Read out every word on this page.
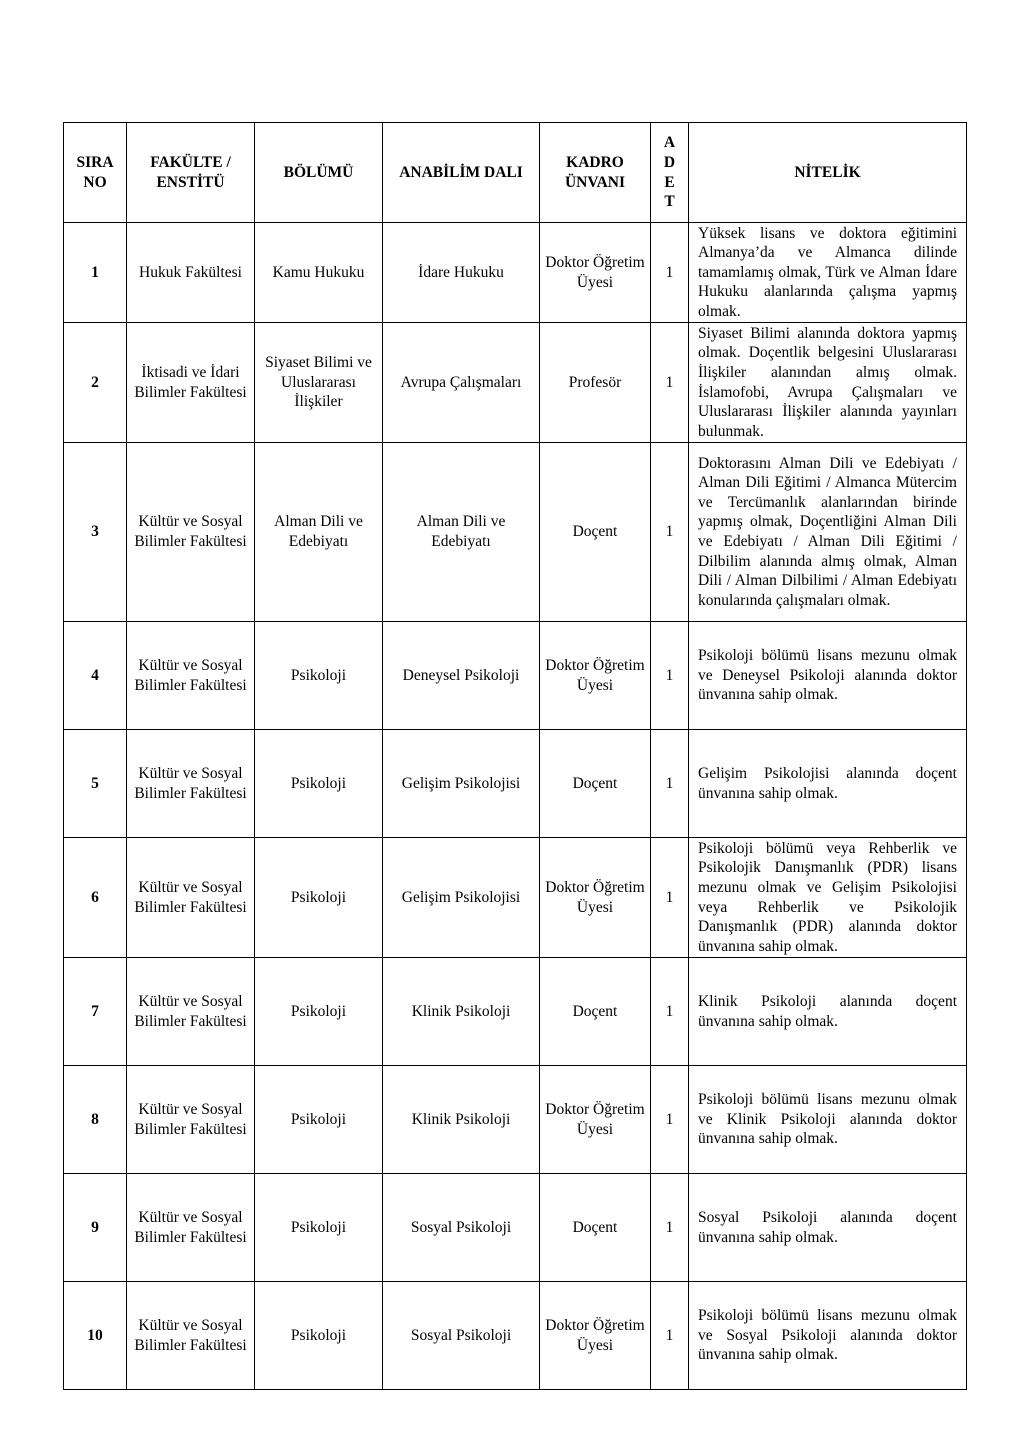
SIRA NO	FAKÜLTE / ENSTİTÜ	BÖLÜMÜ	ANABİLİM DALI	KADRO ÜNVANI	ADET	NİTELİK
1	Hukuk Fakültesi	Kamu Hukuku	İdare Hukuku	Doktor Öğretim Üyesi	1	Yüksek lisans ve doktora eğitimini Almanya’da ve Almanca dilinde tamamlamış olmak, Türk ve Alman İdare Hukuku alanlarında çalışma yapmış olmak.
2	İktisadi ve İdari Bilimler Fakültesi	Siyaset Bilimi ve Uluslararası İlişkiler	Avrupa Çalışmaları	Profesör	1	Siyaset Bilimi alanında doktora yapmış olmak. Doçentlik belgesini Uluslararası İlişkiler alanından almış olmak. İslamofobi, Avrupa Çalışmaları ve Uluslararası İlişkiler alanında yayınları bulunmak.
3	Kültür ve Sosyal Bilimler Fakültesi	Alman Dili ve Edebiyatı	Alman Dili ve Edebiyatı	Doçent	1	Doktorasını Alman Dili ve Edebiyatı / Alman Dili Eğitimi / Almanca Mütercim ve Tercümanlık alanlarından birinde yapmış olmak, Doçentliğini Alman Dili ve Edebiyatı / Alman Dili Eğitimi / Dilbilim alanında almış olmak, Alman Dili / Alman Dilbilimi / Alman Edebiyatı konularında çalışmaları olmak.
4	Kültür ve Sosyal Bilimler Fakültesi	Psikoloji	Deneysel Psikoloji	Doktor Öğretim Üyesi	1	Psikoloji bölümü lisans mezunu olmak ve Deneysel Psikoloji alanında doktor ünvanına sahip olmak.
5	Kültür ve Sosyal Bilimler Fakültesi	Psikoloji	Gelişim Psikolojisi	Doçent	1	Gelişim Psikolojisi alanında doçent ünvanına sahip olmak.
6	Kültür ve Sosyal Bilimler Fakültesi	Psikoloji	Gelişim Psikolojisi	Doktor Öğretim Üyesi	1	Psikoloji bölümü veya Rehberlik ve Psikolojik Danışmanlık (PDR) lisans mezunu olmak ve Gelişim Psikolojisi veya Rehberlik ve Psikolojik Danışmanlık (PDR) alanında doktor ünvanına sahip olmak.
7	Kültür ve Sosyal Bilimler Fakültesi	Psikoloji	Klinik Psikoloji	Doçent	1	Klinik Psikoloji alanında doçent ünvanına sahip olmak.
8	Kültür ve Sosyal Bilimler Fakültesi	Psikoloji	Klinik Psikoloji	Doktor Öğretim Üyesi	1	Psikoloji bölümü lisans mezunu olmak ve Klinik Psikoloji alanında doktor ünvanına sahip olmak.
9	Kültür ve Sosyal Bilimler Fakültesi	Psikoloji	Sosyal Psikoloji	Doçent	1	Sosyal Psikoloji alanında doçent ünvanına sahip olmak.
10	Kültür ve Sosyal Bilimler Fakültesi	Psikoloji	Sosyal Psikoloji	Doktor Öğretim Üyesi	1	Psikoloji bölümü lisans mezunu olmak ve Sosyal Psikoloji alanında doktor ünvanına sahip olmak.
